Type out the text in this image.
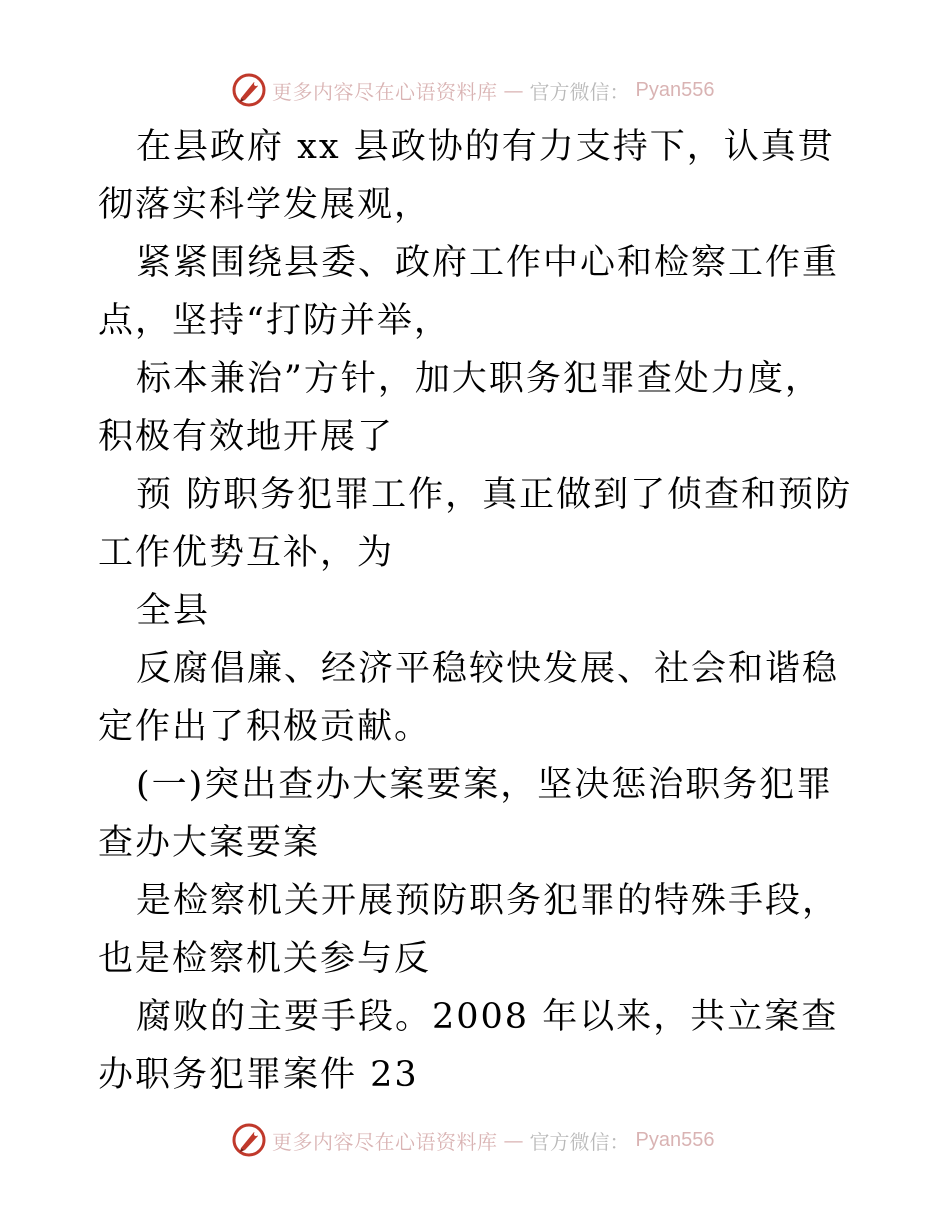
更多内容尽在心语资料库 — 官方微信： Pyan556

在县政府 xx 县政协的有力支持下，认真贯彻落实科学发展观，

紧紧围绕县委、政府工作中心和检察工作重点，坚持“打防并举，

标本兼治”方针，加大职务犯罪查处力度，积极有效地开展了

预 防职务犯罪工作，真正做到了侦查和预防工作优势互补，为

全县

反腐倡廉、经济平稳较快发展、社会和谐稳定作出了积极贡献。

(一)突出查办大案要案，坚决惩治职务犯罪查办大案要案

是检察机关开展预防职务犯罪的特殊手段，也是检察机关参与反

腐败的主要手段。2008 年以来，共立案查办职务犯罪案件 23

更多内容尽在心语资料库 — 官方微信： Pyan556
